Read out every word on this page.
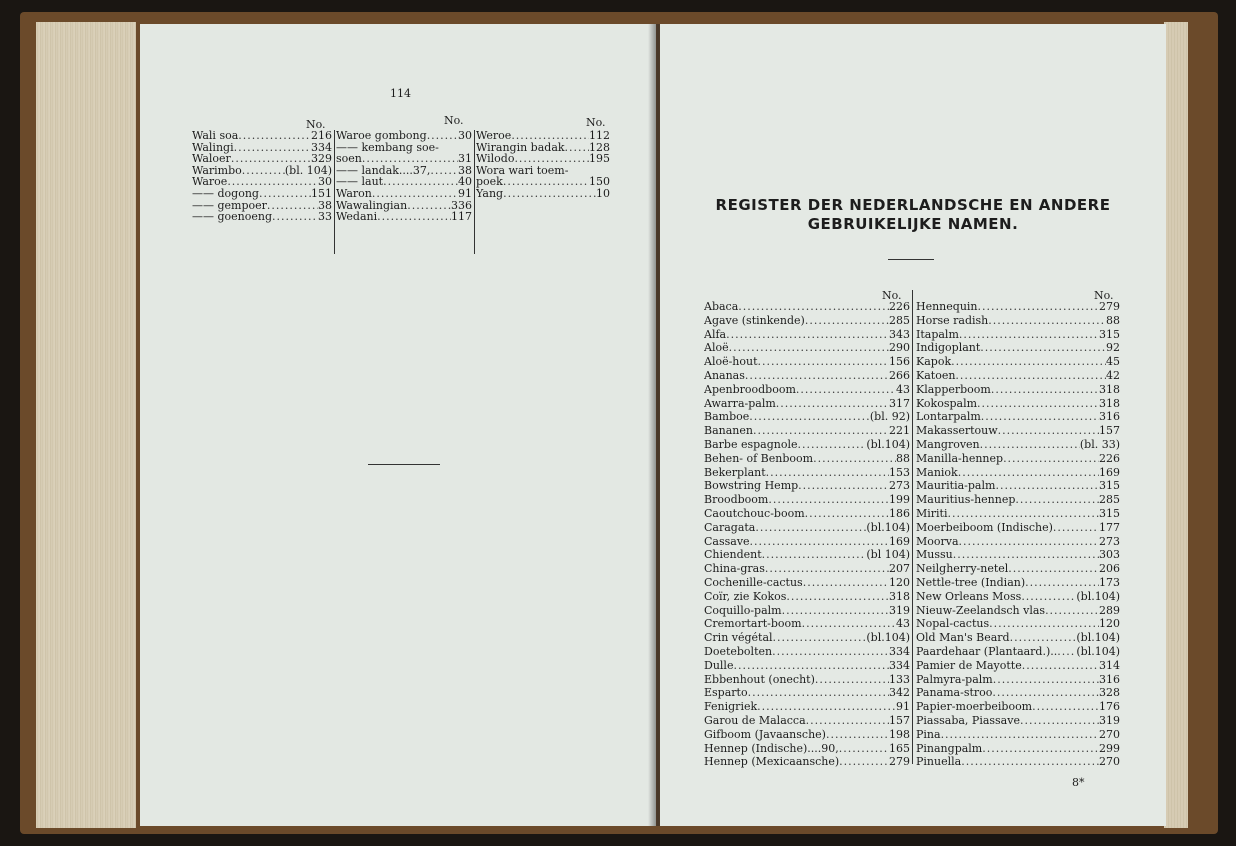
114
No.	No.	No.
Wali soa .....	216
Walingi .....	334
Waloer .....	329
Warimbo .....	(bl. 104)
Waroe .....	30
—— dogong .....	151
—— gempoer .....	38
—— goenoeng .....	33
Waroe gombong .....	30
—— kembang soe-
soen .....	31
—— landak....37, .....	38
—— laut .....	40
Waron .....	91
Wawalingian .....	336
Wedani .....	117
Weroe .....	112
Wirangin badak ..... 128
Wilodo .....	195
Wora wari toem-
poek .....	150
Yang .....	10
REGISTER DER NEDERLANDSCHE EN ANDERE
GEBRUIKELIJKE NAMEN.
No.	No.
Abaca .....	226
Agave (stinkende) .....	285
Alfa .....	343
Aloë .....	290
Aloë-hout .....	156
Ananas .....	266
Apenbroodboom .....	43
Awarra-palm .....	317
Bamboe .....	(bl. 92)
Bananen .....	221
Barbe espagnole .....	(bl.104)
Behen- of Benboom .....	88
Bekerplant .....	153
Bowstring Hemp .....	273
Broodboom .....	199
Caoutchouc-boom .....	186
Caragata .....	(bl.104)
Cassave .....	169
Chiendent .....	(bl 104)
China-gras .....	207
Cochenille-cactus .....	120
Coïr, zie Kokos .....	318
Coquillo-palm .....	319
Cremortart-boom .....	43
Crin végétal .....	(bl.104)
Doetebolten .....	334
Dulle .....	334
Ebbenhout (onecht) .....	133
Esparto .....	342
Fenigriek .....	91
Garou de Malacca .....	157
Gifboom (Javaansche) .....	198
Hennep (Indische)....90, .....	165
Hennep (Mexicaansche) .....	279
Hennequin .....	279
Horse radish .....	88
Itapalm .....	315
Indigoplant .....	92
Kapok .....	45
Katoen .....	42
Klapperboom .....	318
Kokospalm .....	318
Lontarpalm .....	316
Makassertouw .....	157
Mangroven .....	(bl. 33)
Manilla-hennep .....	226
Maniok .....	169
Mauritia-palm .....	315
Mauritius-hennep .....	285
Miriti .....	315
Moerbeiboom (Indische) .....	177
Moorva .....	273
Mussu .....	303
Neilgherry-netel .....	206
Nettle-tree (Indian) .....	173
New Orleans Moss .....	(bl.104)
Nieuw-Zeelandsch vlas .....	289
Nopal-cactus .....	120
Old Man's Beard .....	(bl.104)
Paardehaar (Plantaard.).. ..... (bl.104)
Pamier de Mayotte .....	314
Palmyra-palm .....	316
Panama-stroo .....	328
Papier-moerbeiboom .....	176
Piassaba, Piassave .....	319
Pina .....	270
Pinangpalm .....	299
Pinuella .....	270
8*
